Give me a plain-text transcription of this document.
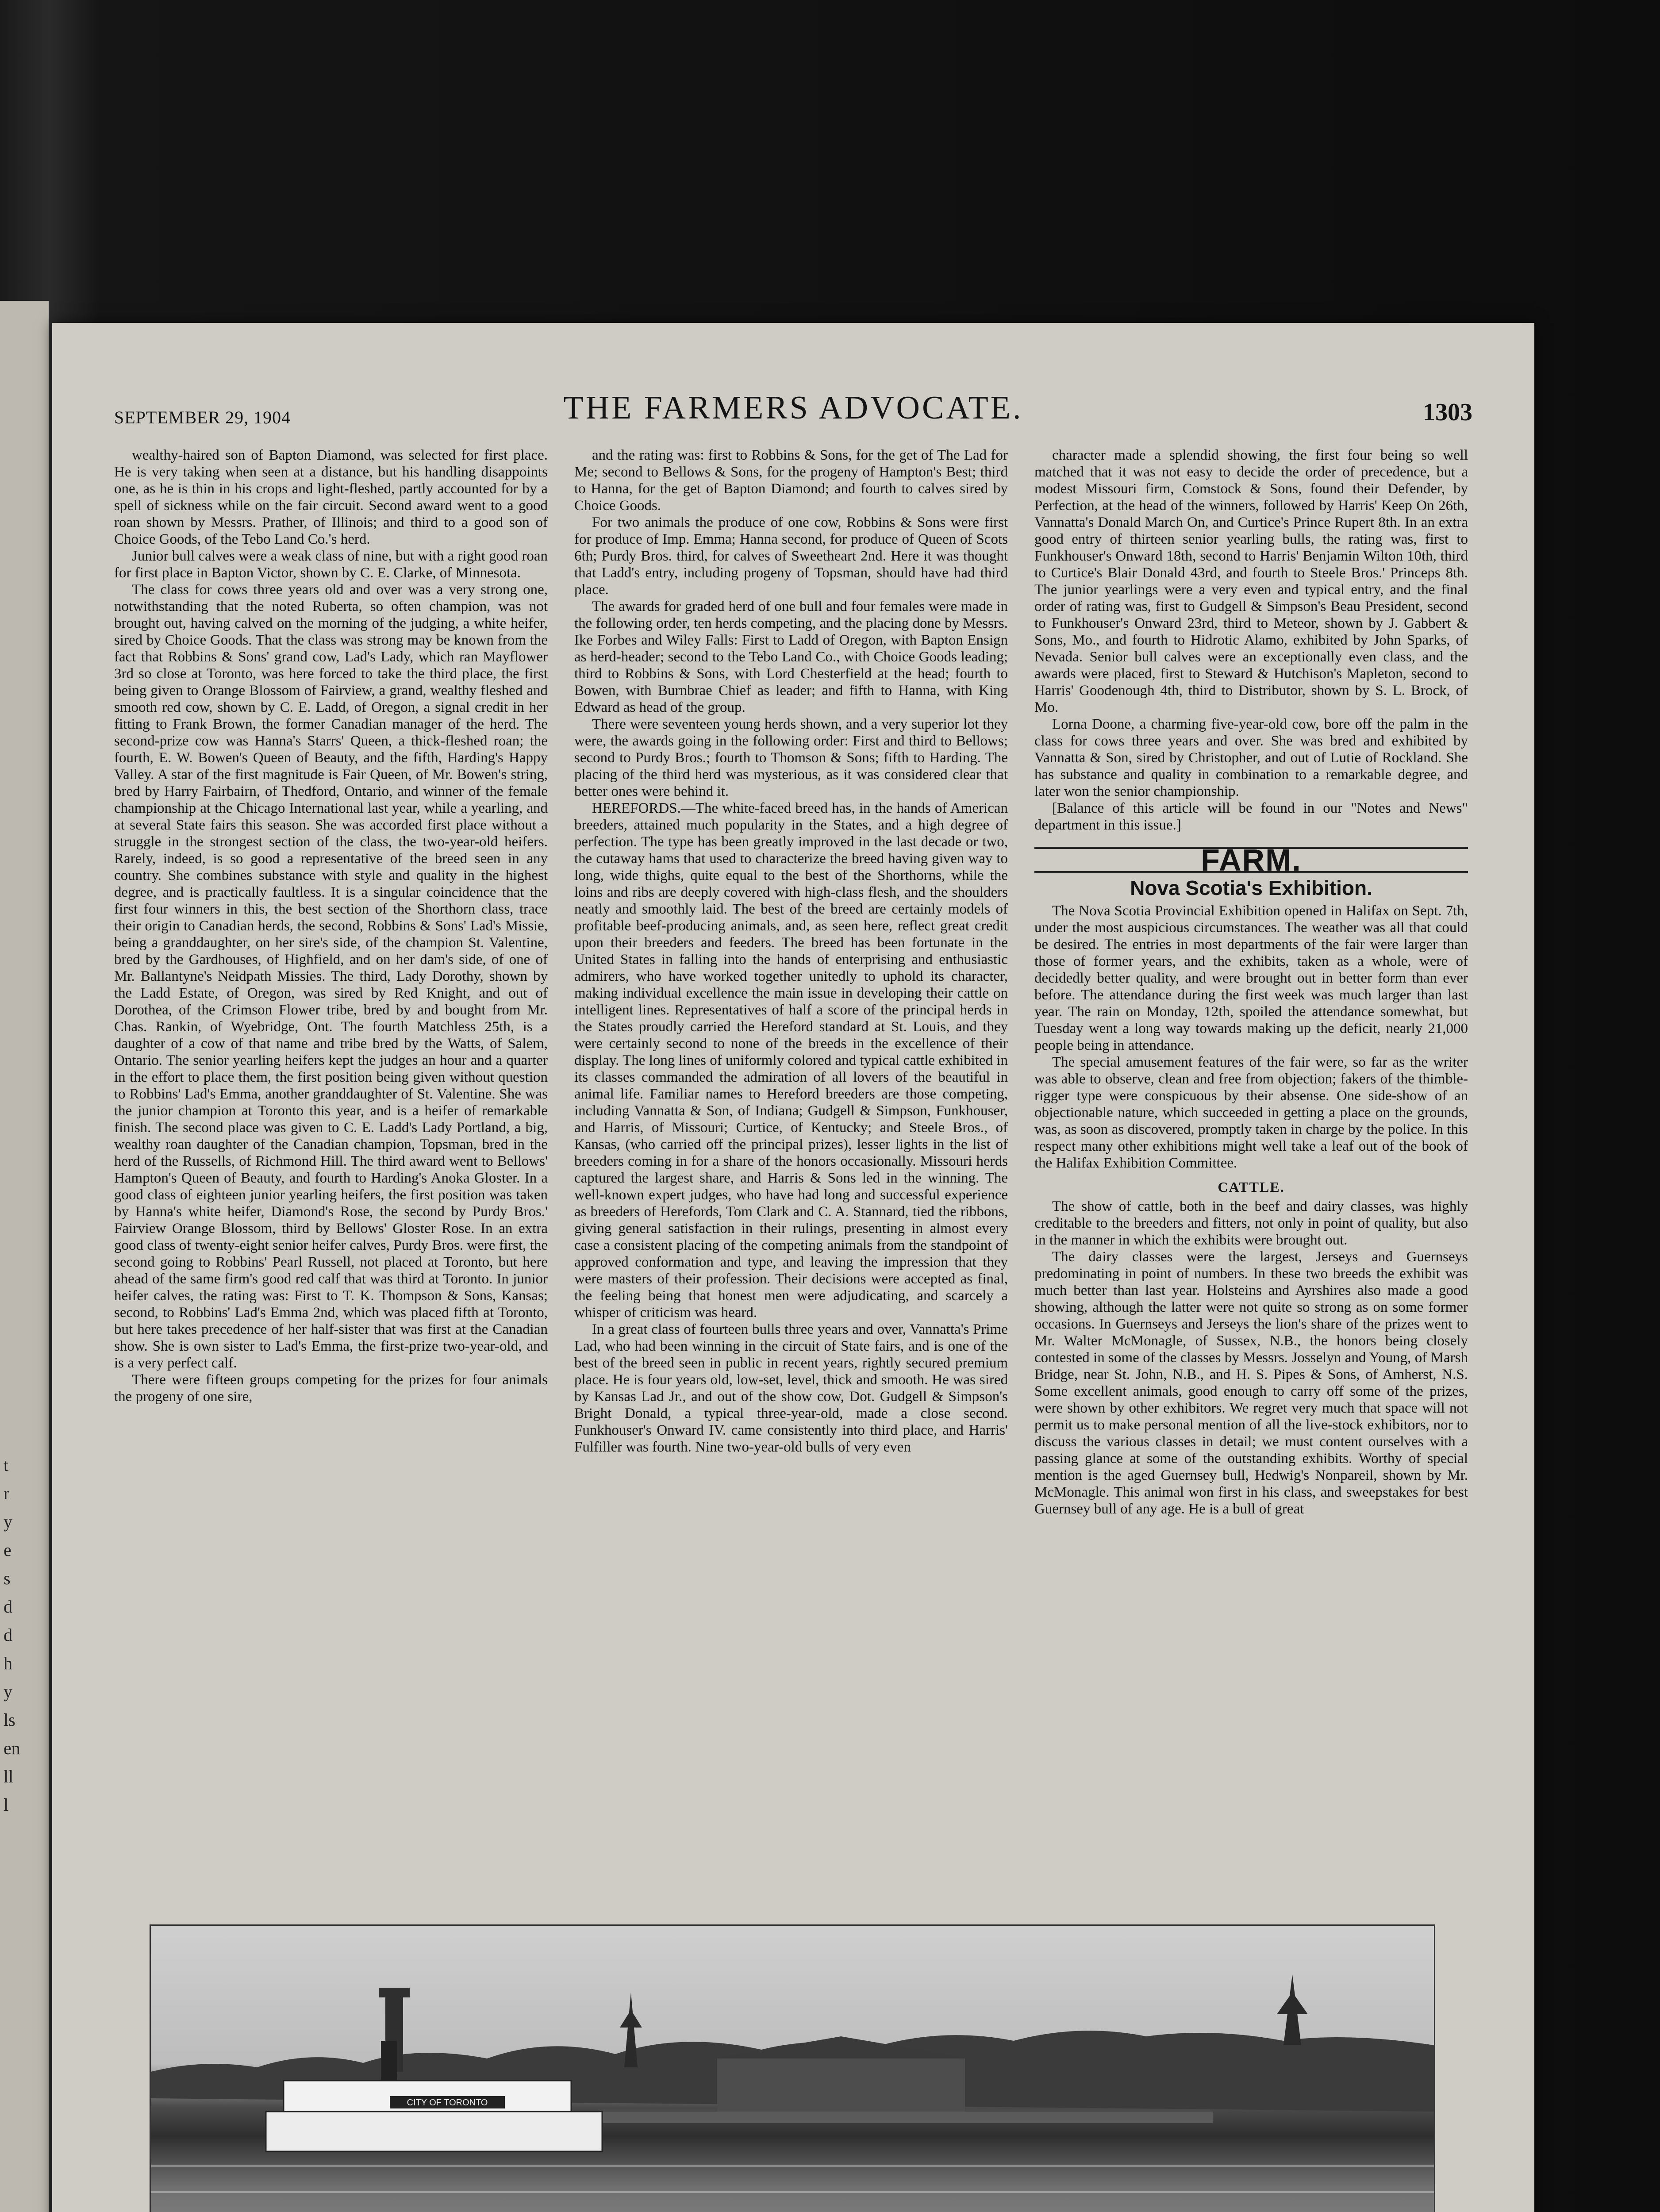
t
r
y
e
s
d
d
h
y
ls
en
ll
l
SEPTEMBER 29, 1904	THE FARMERS ADVOCATE.	1303

wealthy-haired son of Bapton Diamond, was selected for first place. He is very taking when seen at a distance, but his handling disappoints one, as he is thin in his crops and light-fleshed, partly accounted for by a spell of sickness while on the fair circuit. Second award went to a good roan shown by Messrs. Prather, of Illinois; and third to a good son of Choice Goods, of the Tebo Land Co.'s herd.

Junior bull calves were a weak class of nine, but with a right good roan for first place in Bapton Victor, shown by C. E. Clarke, of Minnesota.

The class for cows three years old and over was a very strong one, notwithstanding that the noted Ruberta, so often champion, was not brought out, having calved on the morning of the judging, a white heifer, sired by Choice Goods. That the class was strong may be known from the fact that Robbins & Sons' grand cow, Lad's Lady, which ran Mayflower 3rd so close at Toronto, was here forced to take the third place, the first being given to Orange Blossom of Fairview, a grand, wealthy fleshed and smooth red cow, shown by C. E. Ladd, of Oregon, a signal credit in her fitting to Frank Brown, the former Canadian manager of the herd. The second-prize cow was Hanna's Starrs' Queen, a thick-fleshed roan; the fourth, E. W. Bowen's Queen of Beauty, and the fifth, Harding's Happy Valley. A star of the first magnitude is Fair Queen, of Mr. Bowen's string, bred by Harry Fairbairn, of Thedford, Ontario, and winner of the female championship at the Chicago International last year, while a yearling, and at several State fairs this season. She was accorded first place without a struggle in the strongest section of the class, the two-year-old heifers. Rarely, indeed, is so good a representative of the breed seen in any country. She combines substance with style and quality in the highest degree, and is practically faultless. It is a singular coincidence that the first four winners in this, the best section of the Shorthorn class, trace their origin to Canadian herds, the second, Robbins & Sons' Lad's Missie, being a granddaughter, on her sire's side, of the champion St. Valentine, bred by the Gardhouses, of Highfield, and on her dam's side, of one of Mr. Ballantyne's Neidpath Missies. The third, Lady Dorothy, shown by the Ladd Estate, of Oregon, was sired by Red Knight, and out of Dorothea, of the Crimson Flower tribe, bred by and bought from Mr. Chas. Rankin, of Wyebridge, Ont. The fourth Matchless 25th, is a daughter of a cow of that name and tribe bred by the Watts, of Salem, Ontario. The senior yearling heifers kept the judges an hour and a quarter in the effort to place them, the first position being given without question to Robbins' Lad's Emma, another granddaughter of St. Valentine. She was the junior champion at Toronto this year, and is a heifer of remarkable finish. The second place was given to C. E. Ladd's Lady Portland, a big, wealthy roan daughter of the Canadian champion, Topsman, bred in the herd of the Russells, of Richmond Hill. The third award went to Bellows' Hampton's Queen of Beauty, and fourth to Harding's Anoka Gloster. In a good class of eighteen junior yearling heifers, the first position was taken by Hanna's white heifer, Diamond's Rose, the second by Purdy Bros.' Fairview Orange Blossom, third by Bellows' Gloster Rose. In an extra good class of twenty-eight senior heifer calves, Purdy Bros. were first, the second going to Robbins' Pearl Russell, not placed at Toronto, but here ahead of the same firm's good red calf that was third at Toronto. In junior heifer calves, the rating was: First to T. K. Thompson & Sons, Kansas; second, to Robbins' Lad's Emma 2nd, which was placed fifth at Toronto, but here takes precedence of her half-sister that was first at the Canadian show. She is own sister to Lad's Emma, the first-prize two-year-old, and is a very perfect calf.

There were fifteen groups competing for the prizes for four animals the progeny of one sire,

and the rating was: first to Robbins & Sons, for the get of The Lad for Me; second to Bellows & Sons, for the progeny of Hampton's Best; third to Hanna, for the get of Bapton Diamond; and fourth to calves sired by Choice Goods.

For two animals the produce of one cow, Robbins & Sons were first for produce of Imp. Emma; Hanna second, for produce of Queen of Scots 6th; Purdy Bros. third, for calves of Sweetheart 2nd. Here it was thought that Ladd's entry, including progeny of Topsman, should have had third place.

The awards for graded herd of one bull and four females were made in the following order, ten herds competing, and the placing done by Messrs. Ike Forbes and Wiley Falls: First to Ladd of Oregon, with Bapton Ensign as herd-header; second to the Tebo Land Co., with Choice Goods leading; third to Robbins & Sons, with Lord Chesterfield at the head; fourth to Bowen, with Burnbrae Chief as leader; and fifth to Hanna, with King Edward as head of the group.

There were seventeen young herds shown, and a very superior lot they were, the awards going in the following order: First and third to Bellows; second to Purdy Bros.; fourth to Thomson & Sons; fifth to Harding. The placing of the third herd was mysterious, as it was considered clear that better ones were behind it.

HEREFORDS.—The white-faced breed has, in the hands of American breeders, attained much popularity in the States, and a high degree of perfection. The type has been greatly improved in the last decade or two, the cutaway hams that used to characterize the breed having given way to long, wide thighs, quite equal to the best of the Shorthorns, while the loins and ribs are deeply covered with high-class flesh, and the shoulders neatly and smoothly laid. The best of the breed are certainly models of profitable beef-producing animals, and, as seen here, reflect great credit upon their breeders and feeders. The breed has been fortunate in the United States in falling into the hands of enterprising and enthusiastic admirers, who have worked together unitedly to uphold its character, making individual excellence the main issue in developing their cattle on intelligent lines. Representatives of half a score of the principal herds in the States proudly carried the Hereford standard at St. Louis, and they were certainly second to none of the breeds in the excellence of their display. The long lines of uniformly colored and typical cattle exhibited in its classes commanded the admiration of all lovers of the beautiful in animal life. Familiar names to Hereford breeders are those competing, including Vannatta & Son, of Indiana; Gudgell & Simpson, Funkhouser, and Harris, of Missouri; Curtice, of Kentucky; and Steele Bros., of Kansas, (who carried off the principal prizes), lesser lights in the list of breeders coming in for a share of the honors occasionally. Missouri herds captured the largest share, and Harris & Sons led in the winning. The well-known expert judges, who have had long and successful experience as breeders of Herefords, Tom Clark and C. A. Stannard, tied the ribbons, giving general satisfaction in their rulings, presenting in almost every case a consistent placing of the competing animals from the standpoint of approved conformation and type, and leaving the impression that they were masters of their profession. Their decisions were accepted as final, the feeling being that honest men were adjudicating, and scarcely a whisper of criticism was heard.

In a great class of fourteen bulls three years and over, Vannatta's Prime Lad, who had been winning in the circuit of State fairs, and is one of the best of the breed seen in public in recent years, rightly secured premium place. He is four years old, low-set, level, thick and smooth. He was sired by Kansas Lad Jr., and out of the show cow, Dot. Gudgell & Simpson's Bright Donald, a typical three-year-old, made a close second. Funkhouser's Onward IV. came consistently into third place, and Harris' Fulfiller was fourth. Nine two-year-old bulls of very even

character made a splendid showing, the first four being so well matched that it was not easy to decide the order of precedence, but a modest Missouri firm, Comstock & Sons, found their Defender, by Perfection, at the head of the winners, followed by Harris' Keep On 26th, Vannatta's Donald March On, and Curtice's Prince Rupert 8th. In an extra good entry of thirteen senior yearling bulls, the rating was, first to Funkhouser's Onward 18th, second to Harris' Benjamin Wilton 10th, third to Curtice's Blair Donald 43rd, and fourth to Steele Bros.' Princeps 8th. The junior yearlings were a very even and typical entry, and the final order of rating was, first to Gudgell & Simpson's Beau President, second to Funkhouser's Onward 23rd, third to Meteor, shown by J. Gabbert & Sons, Mo., and fourth to Hidrotic Alamo, exhibited by John Sparks, of Nevada. Senior bull calves were an exceptionally even class, and the awards were placed, first to Steward & Hutchison's Mapleton, second to Harris' Goodenough 4th, third to Distributor, shown by S. L. Brock, of Mo.

Lorna Doone, a charming five-year-old cow, bore off the palm in the class for cows three years and over. She was bred and exhibited by Vannatta & Son, sired by Christopher, and out of Lutie of Rockland. She has substance and quality in combination to a remarkable degree, and later won the senior championship.

[Balance of this article will be found in our "Notes and News" department in this issue.]

FARM.
Nova Scotia's Exhibition.

The Nova Scotia Provincial Exhibition opened in Halifax on Sept. 7th, under the most auspicious circumstances. The weather was all that could be desired. The entries in most departments of the fair were larger than those of former years, and the exhibits, taken as a whole, were of decidedly better quality, and were brought out in better form than ever before. The attendance during the first week was much larger than last year. The rain on Monday, 12th, spoiled the attendance somewhat, but Tuesday went a long way towards making up the deficit, nearly 21,000 people being in attendance.

The special amusement features of the fair were, so far as the writer was able to observe, clean and free from objection; fakers of the thimble-rigger type were conspicuous by their absense. One side-show of an objectionable nature, which succeeded in getting a place on the grounds, was, as soon as discovered, promptly taken in charge by the police. In this respect many other exhibitions might well take a leaf out of the book of the Halifax Exhibition Committee.

CATTLE.

The show of cattle, both in the beef and dairy classes, was highly creditable to the breeders and fitters, not only in point of quality, but also in the manner in which the exhibits were brought out.

The dairy classes were the largest, Jerseys and Guernseys predominating in point of numbers. In these two breeds the exhibit was much better than last year. Holsteins and Ayrshires also made a good showing, although the latter were not quite so strong as on some former occasions. In Guernseys and Jerseys the lion's share of the prizes went to Mr. Walter McMonagle, of Sussex, N.B., the honors being closely contested in some of the classes by Messrs. Josselyn and Young, of Marsh Bridge, near St. John, N.B., and H. S. Pipes & Sons, of Amherst, N.S. Some excellent animals, good enough to carry off some of the prizes, were shown by other exhibitors. We regret very much that space will not permit us to make personal mention of all the live-stock exhibitors, nor to discuss the various classes in detail; we must content ourselves with a passing glance at some of the outstanding exhibits. Worthy of special mention is the aged Guernsey bull, Hedwig's Nonpareil, shown by Mr. McMonagle. This animal won first in his class, and sweepstakes for best Guernsey bull of any age. He is a bull of great

CITY OF TORONTO
